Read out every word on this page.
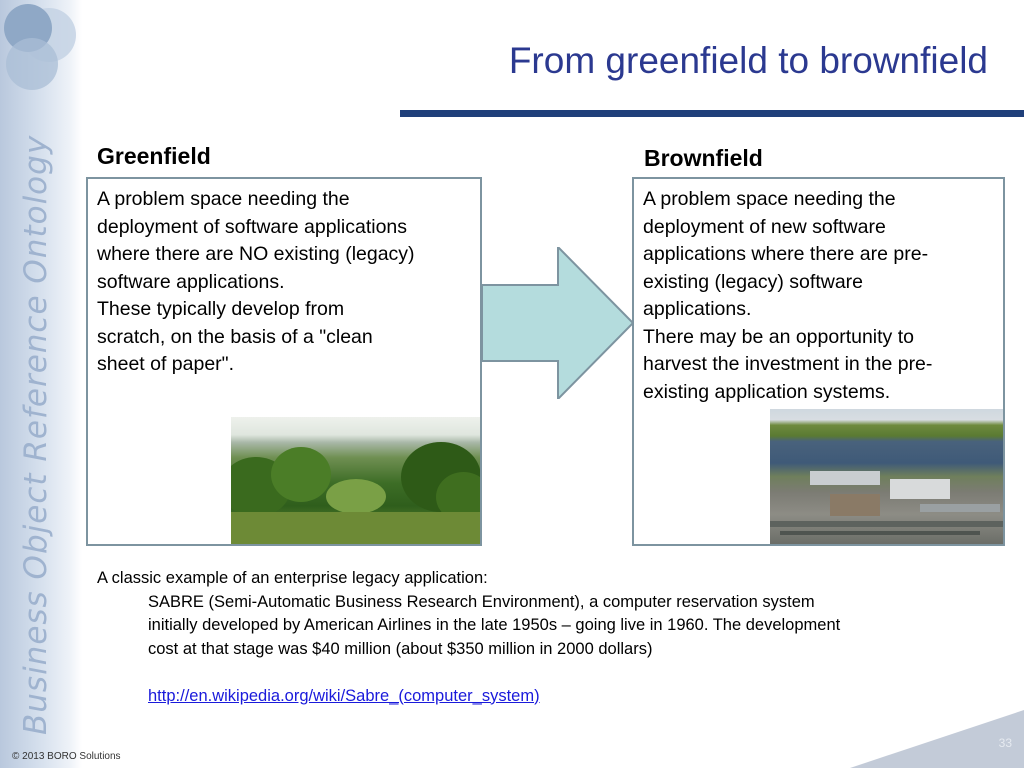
Business Object Reference Ontology
From greenfield to brownfield
Greenfield	Brownfield
A problem space needing the
deployment of software applications
where there are NO existing (legacy)
software applications.
These typically develop from
scratch, on the basis of a "clean
sheet of paper".
A problem space needing the
deployment of new software
applications where there are pre-
existing (legacy) software
applications.
There may be an opportunity to
harvest the investment in the pre-
existing application systems.
A classic example of an enterprise legacy application:
SABRE (Semi-Automatic Business Research Environment), a computer reservation system
initially developed by American Airlines in the late 1950s – going live in 1960. The development
cost at that stage was $40 million (about $350 million in 2000 dollars)
http://en.wikipedia.org/wiki/Sabre_(computer_system)
© 2013 BORO Solutions
33
